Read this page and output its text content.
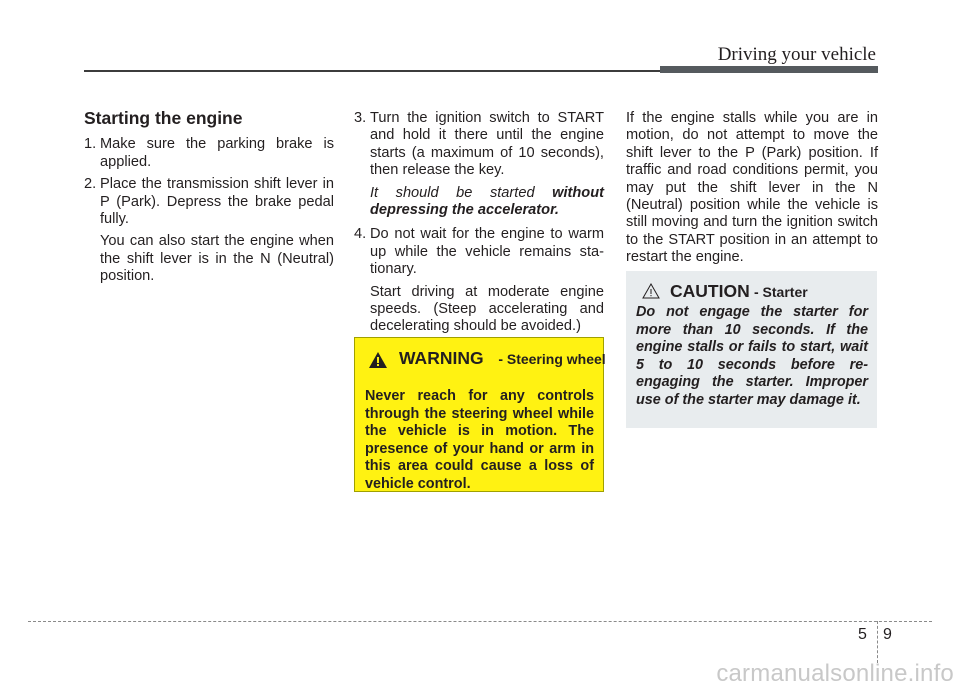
Driving your vehicle
Starting the engine

1. Make sure the parking brake is applied.

2. Place the transmission shift lever in P (Park). Depress the brake pedal fully.

You can also start the engine when the shift lever is in the N (Neutral) position.

3. Turn the ignition switch to START and hold it there until the engine starts (a maximum of 10 seconds), then release the key.

It should be started without depressing the accelerator.

4. Do not wait for the engine to warm up while the vehicle remains sta-tionary.

Start driving at moderate engine speeds. (Steep accelerating and decelerating should be avoided.)

If the engine stalls while you are in motion, do not attempt to move the shift lever to the P (Park) position. If traffic and road conditions permit, you may put the shift lever in the N (Neutral) position while the vehicle is still moving and turn the ignition switch to the START position in an attempt to restart the engine.

WARNING - Steering wheel

Never reach for any controls through the steering wheel while the vehicle is in motion. The presence of your hand or arm in this area could cause a loss of vehicle control.

CAUTION - Starter

Do not engage the starter for more than 10 seconds. If the engine stalls or fails to start, wait 5 to 10 seconds before re-engaging the starter. Improper use of the starter may damage it.

5 9
carmanualsonline.info
